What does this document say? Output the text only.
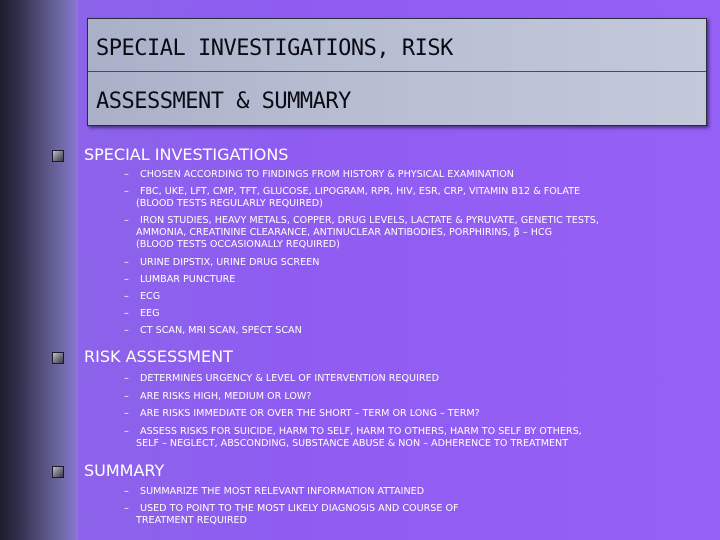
SPECIAL INVESTIGATIONS, RISK
ASSESSMENT & SUMMARY
SPECIAL INVESTIGATIONS
– CHOSEN ACCORDING TO FINDINGS FROM HISTORY & PHYSICAL EXAMINATION
– FBC, UKE, LFT, CMP, TFT, GLUCOSE, LIPOGRAM, RPR, HIV, ESR, CRP, VITAMIN B12 & FOLATE
(BLOOD TESTS REGULARLY REQUIRED)
– IRON STUDIES, HEAVY METALS, COPPER, DRUG LEVELS, LACTATE & PYRUVATE, GENETIC TESTS,
AMMONIA, CREATININE CLEARANCE, ANTINUCLEAR ANTIBODIES, PORPHIRINS, β – HCG
(BLOOD TESTS OCCASIONALLY REQUIRED)
– URINE DIPSTIX, URINE DRUG SCREEN
– LUMBAR PUNCTURE
– ECG
– EEG
– CT SCAN, MRI SCAN, SPECT SCAN
RISK ASSESSMENT
– DETERMINES URGENCY & LEVEL OF INTERVENTION REQUIRED
– ARE RISKS HIGH, MEDIUM OR LOW?
– ARE RISKS IMMEDIATE OR OVER THE SHORT – TERM OR LONG – TERM?
– ASSESS RISKS FOR SUICIDE, HARM TO SELF, HARM TO OTHERS, HARM TO SELF BY OTHERS,
SELF – NEGLECT, ABSCONDING, SUBSTANCE ABUSE & NON – ADHERENCE TO TREATMENT
SUMMARY
– SUMMARIZE THE MOST RELEVANT INFORMATION ATTAINED
– USED TO POINT TO THE MOST LIKELY DIAGNOSIS AND COURSE OF
TREATMENT REQUIRED
